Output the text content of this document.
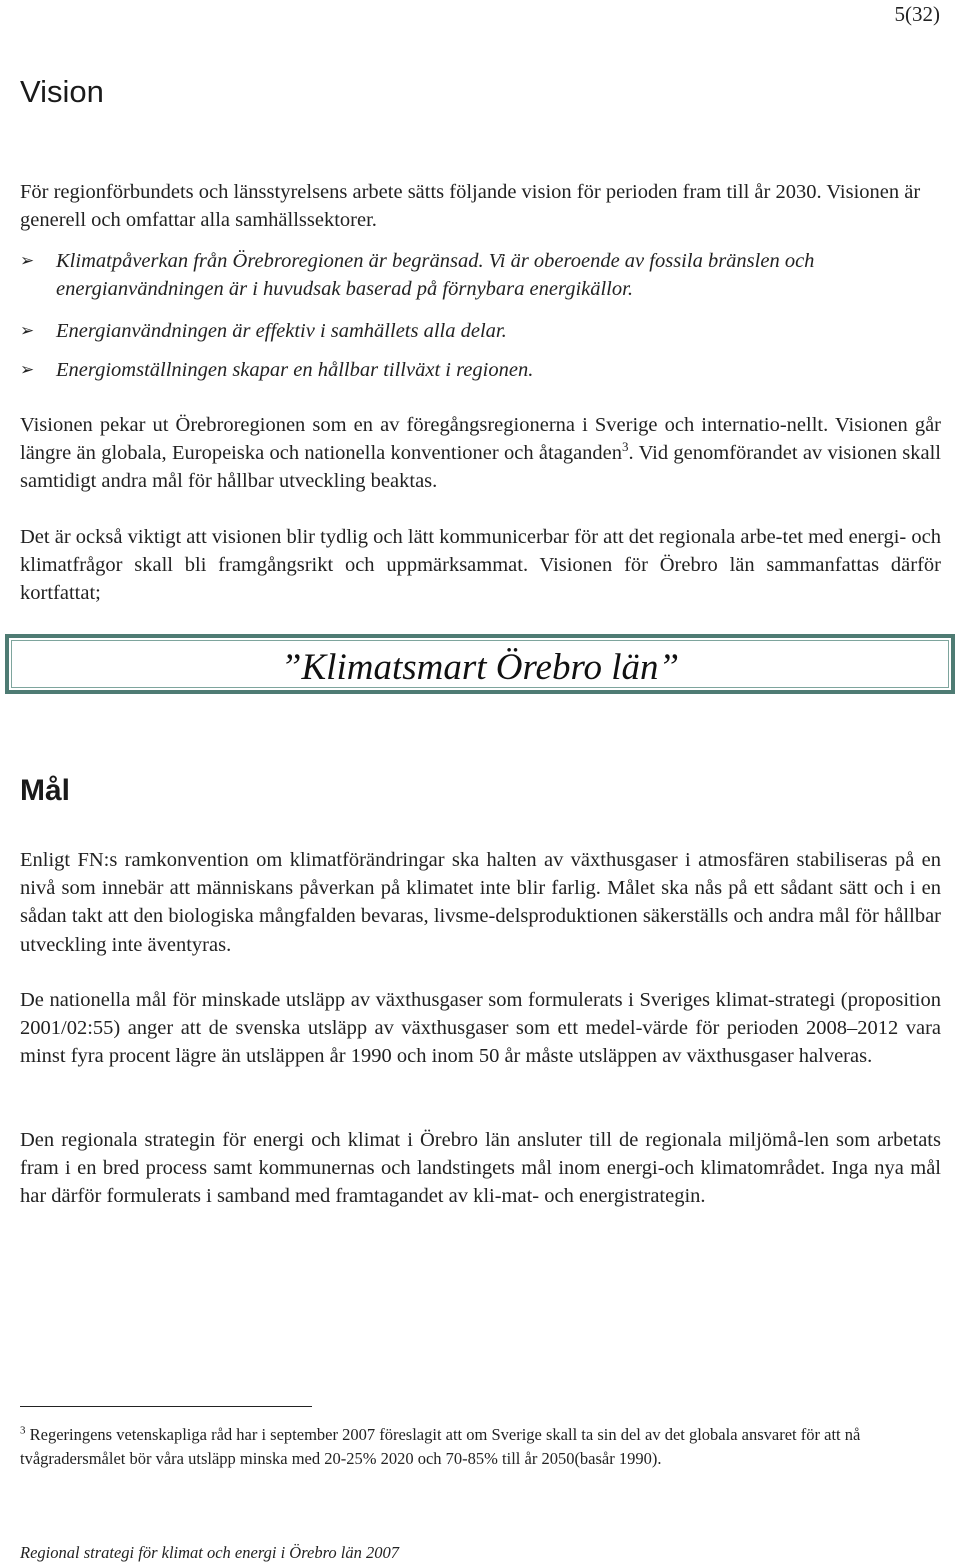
5(32)
Vision

För regionförbundets och länsstyrelsens arbete sätts följande vision för perioden fram till år 2030. Visionen är generell och omfattar alla samhällssektorer.

➢	Klimatpåverkan från Örebroregionen är begränsad. Vi är oberoende av fossila bränslen och energianvändningen är i huvudsak baserad på förnybara energikällor.
➢	Energianvändningen är effektiv i samhällets alla delar.
➢	Energiomställningen skapar en hållbar tillväxt i regionen.

Visionen pekar ut Örebroregionen som en av föregångsregionerna i Sverige och internatio-nellt. Visionen går längre än globala, Europeiska och nationella konventioner och åtaganden$^3$. Vid genomförandet av visionen skall samtidigt andra mål för hållbar utveckling beaktas.

Det är också viktigt att visionen blir tydlig och lätt kommunicerbar för att det regionala arbe-tet med energi- och klimatfrågor skall bli framgångsrikt och uppmärksammat. Visionen för Örebro län sammanfattas därför kortfattat;

”Klimatsmart Örebro län”
Mål

Enligt FN:s ramkonvention om klimatförändringar ska halten av växthusgaser i atmosfären stabiliseras på en nivå som innebär att människans påverkan på klimatet inte blir farlig. Målet ska nås på ett sådant sätt och i en sådan takt att den biologiska mångfalden bevaras, livsme-delsproduktionen säkerställs och andra mål för hållbar utveckling inte äventyras.

De nationella mål för minskade utsläpp av växthusgaser som formulerats i Sveriges klimat-strategi (proposition 2001/02:55) anger att de svenska utsläpp av växthusgaser som ett medel-värde för perioden 2008–2012 vara minst fyra procent lägre än utsläppen år 1990 och inom 50 år måste utsläppen av växthusgaser halveras.

Den regionala strategin för energi och klimat i Örebro län ansluter till de regionala miljömå-len som arbetats fram i en bred process samt kommunernas och landstingets mål inom energi-och klimatområdet. Inga nya mål har därför formulerats i samband med framtagandet av kli-mat- och energistrategin.

$^3$ Regeringens vetenskapliga råd har i september 2007 föreslagit att om Sverige skall ta sin del av det globala ansvaret för att nå tvågradersmålet bör våra utsläpp minska med 20-25% 2020 och 70-85% till år 2050(basår 1990).

Regional strategi för klimat och energi i Örebro län 2007
